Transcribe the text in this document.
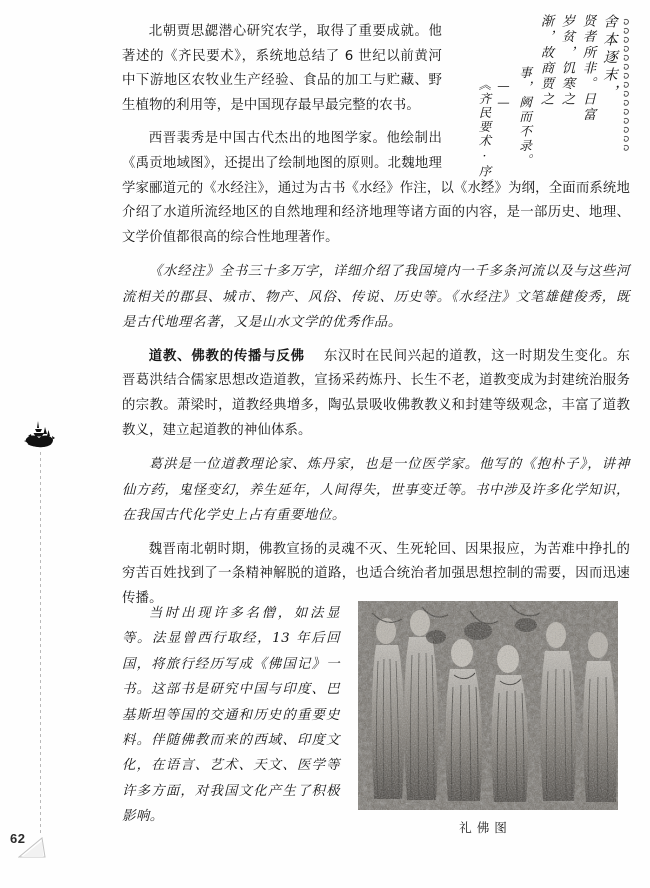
62
——
《齐民要术·序》	事，阙而不录。
渐，故商贾之 岁贫，饥寒之 贤者所非。日富 舍本逐末，

北朝贾思勰潜心研究农学，取得了重要成就。他著述的《齐民要术》，系统地总结了 6 世纪以前黄河中下游地区农牧业生产经验、食品的加工与贮藏、野生植物的利用等，是中国现存最早最完整的农书。

西晋裴秀是中国古代杰出的地图学家。他绘制出《禹贡地域图》，还提出了绘制地图的原则。北魏地理学家郦道元的《水经注》，通过为古书《水经》作注，以《水经》为纲，全面而系统地介绍了水道所流经地区的自然地理和经济地理等诸方面的内容，是一部历史、地理、文学价值都很高的综合性地理著作。

《水经注》全书三十多万字，详细介绍了我国境内一千多条河流以及与这些河流相关的郡县、城市、物产、风俗、传说、历史等。《水经注》文笔雄健俊秀，既是古代地理名著，又是山水文学的优秀作品。

道教、佛教的传播与反佛 东汉时在民间兴起的道教，这一时期发生变化。东晋葛洪结合儒家思想改造道教，宣扬采药炼丹、长生不老，道教变成为封建统治服务的宗教。萧梁时，道教经典增多，陶弘景吸收佛教教义和封建等级观念，丰富了道教教义，建立起道教的神仙体系。

葛洪是一位道教理论家、炼丹家，也是一位医学家。他写的《抱朴子》，讲神仙方药，鬼怪变幻，养生延年，人间得失，世事变迁等。书中涉及许多化学知识，在我国古代化学史上占有重要地位。

魏晋南北朝时期，佛教宣扬的灵魂不灭、生死轮回、因果报应，为苦难中挣扎的穷苦百姓找到了一条精神解脱的道路，也适合统治者加强思想控制的需要，因而迅速传播。

当时出现许多名僧，如法显等。法显曾西行取经，13 年后回国，将旅行经历写成《佛国记》一书。这部书是研究中国与印度、巴基斯坦等国的交通和历史的重要史料。伴随佛教而来的西域、印度文化，在语言、艺术、天文、医学等许多方面，对我国文化产生了积极影响。

礼佛图
